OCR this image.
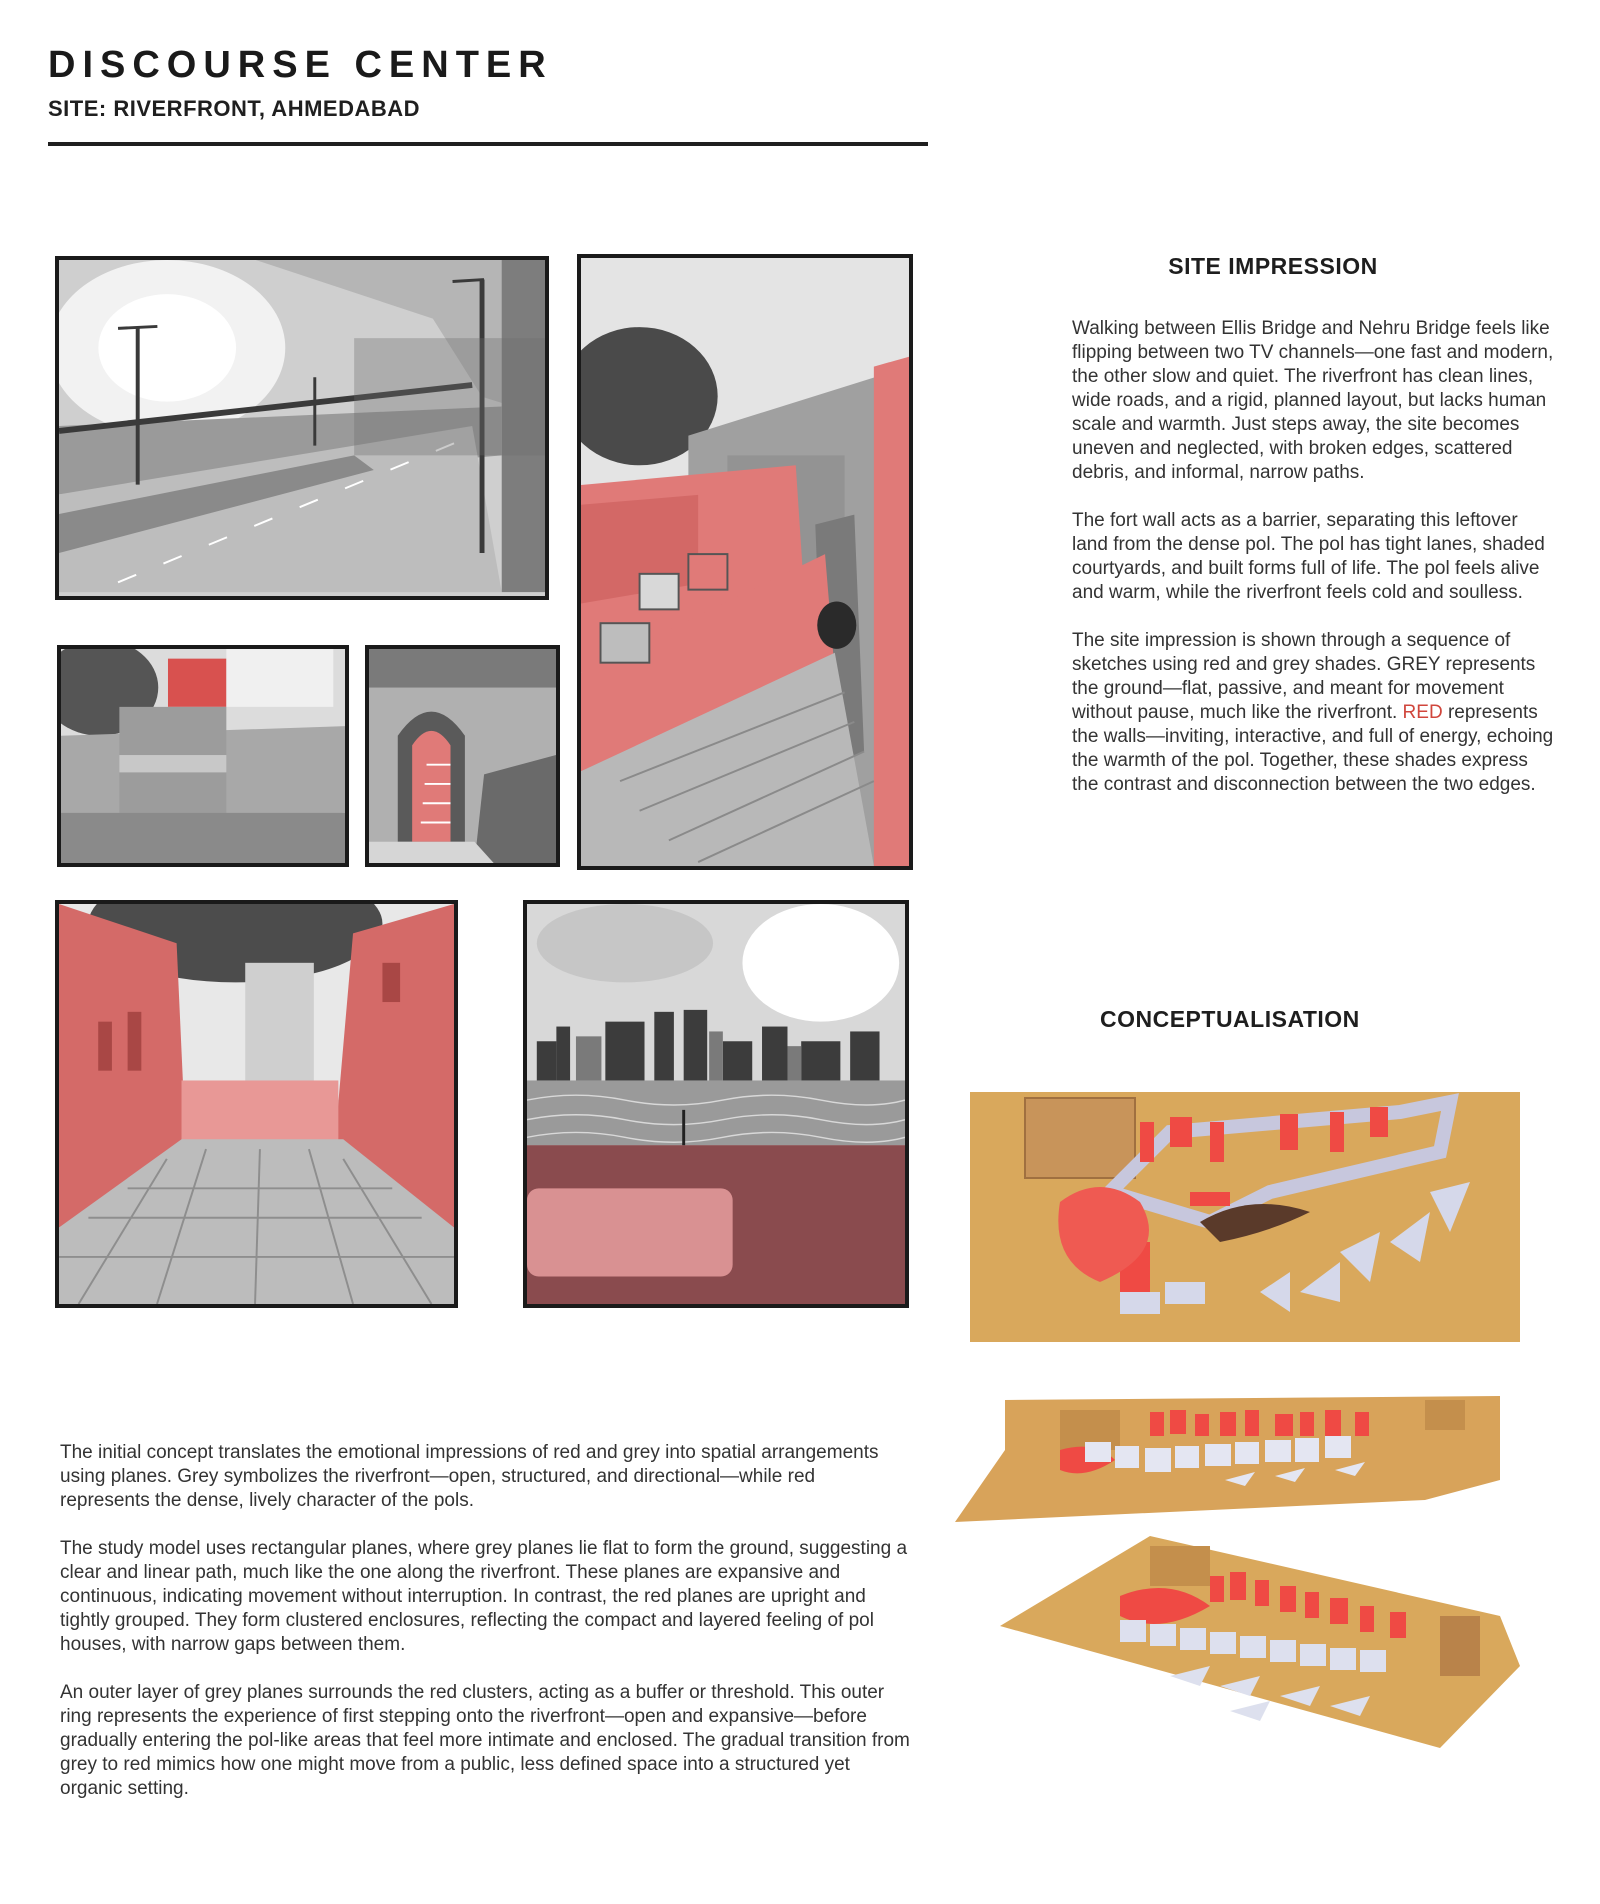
DISCOURSE CENTER
SITE: RIVERFRONT, AHMEDABAD
SITE IMPRESSION

Walking between Ellis Bridge and Nehru Bridge feels like flipping between two TV channels—one fast and modern, the other slow and quiet. The riverfront has clean lines, wide roads, and a rigid, planned layout, but lacks human scale and warmth. Just steps away, the site becomes uneven and neglected, with broken edges, scattered debris, and informal, narrow paths.

The fort wall acts as a barrier, separating this leftover land from the dense pol. The pol has tight lanes, shaded courtyards, and built forms full of life. The pol feels alive and warm, while the riverfront feels cold and soulless.

The site impression is shown through a sequence of sketches using red and grey shades. GREY represents the ground—flat, passive, and meant for movement without pause, much like the riverfront. RED represents the walls—inviting, interactive, and full of energy, echoing the warmth of the pol. Together, these shades express the contrast and disconnection between the two edges.

CONCEPTUALISATION

The initial concept translates the emotional impressions of red and grey into spatial arrangements using planes. Grey symbolizes the riverfront—open, structured, and directional—while red represents the dense, lively character of the pols.

The study model uses rectangular planes, where grey planes lie flat to form the ground, suggesting a clear and linear path, much like the one along the riverfront. These planes are expansive and continuous, indicating movement without interruption. In contrast, the red planes are upright and tightly grouped. They form clustered enclosures, reflecting the compact and layered feeling of pol houses, with narrow gaps between them.

An outer layer of grey planes surrounds the red clusters, acting as a buffer or threshold. This outer ring represents the experience of first stepping onto the riverfront—open and expansive—before gradually entering the pol-like areas that feel more intimate and enclosed. The gradual transition from grey to red mimics how one might move from a public, less defined space into a structured yet organic setting.
